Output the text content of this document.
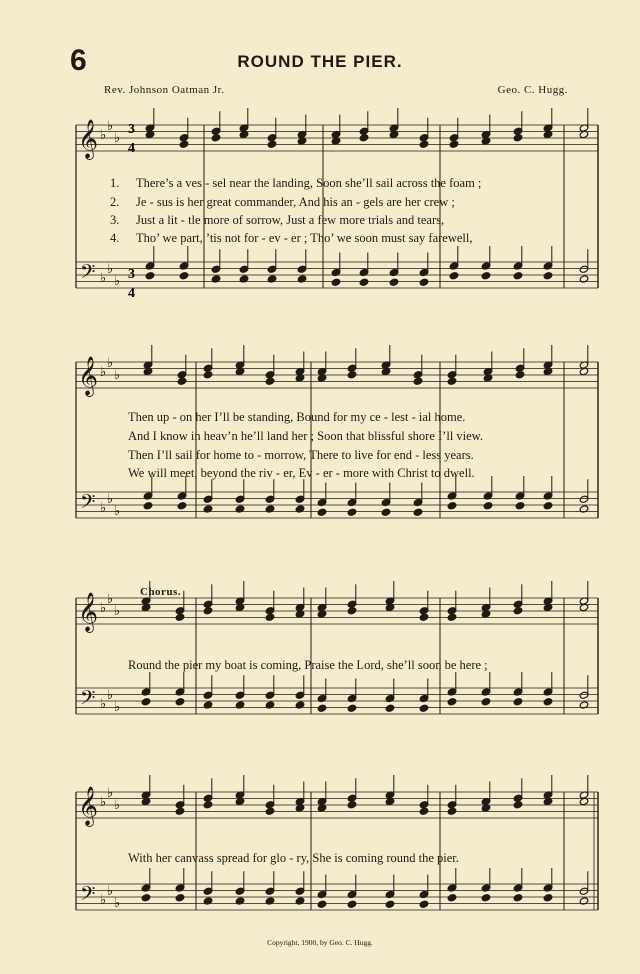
6	ROUND THE PIER.
Rev. Johnson Oatman Jr.	Geo. C. Hugg.
𝄞
𝄢
♭
♭
♭
♭
♭
♭
𝄞
𝄢
♭
♭
♭
♭
♭
♭
𝄞
𝄢
♭
♭
♭
♭
♭
♭
𝄞
𝄢
♭
♭
♭
♭
♭
♭
3
4
3
4
1. There’s a ves - sel near the landing, Soon she’ll sail across the foam ;
2. Je - sus is her great commander, And his an - gels are her crew ;
3. Just a lit - tle more of sorrow, Just a few more trials and tears,
4. Tho’ we part, ’tis not for - ev - er ; Tho’ we soon must say farewell,
Then up - on her I’ll be standing, Bound for my ce - lest - ial home.
And I know in heav’n he’ll land her ; Soon that blissful shore I’ll view.
Then I’ll sail for home to - morrow, There to live for end - less years.
We will meet, beyond the riv - er, Ev - er - more with Christ to dwell.
Chorus.
Round the pier my boat is coming, Praise the Lord, she’ll soon be here ;
With her canvass spread for glo - ry, She is coming round the pier.
Copyright, 1900, by Geo. C. Hugg.
